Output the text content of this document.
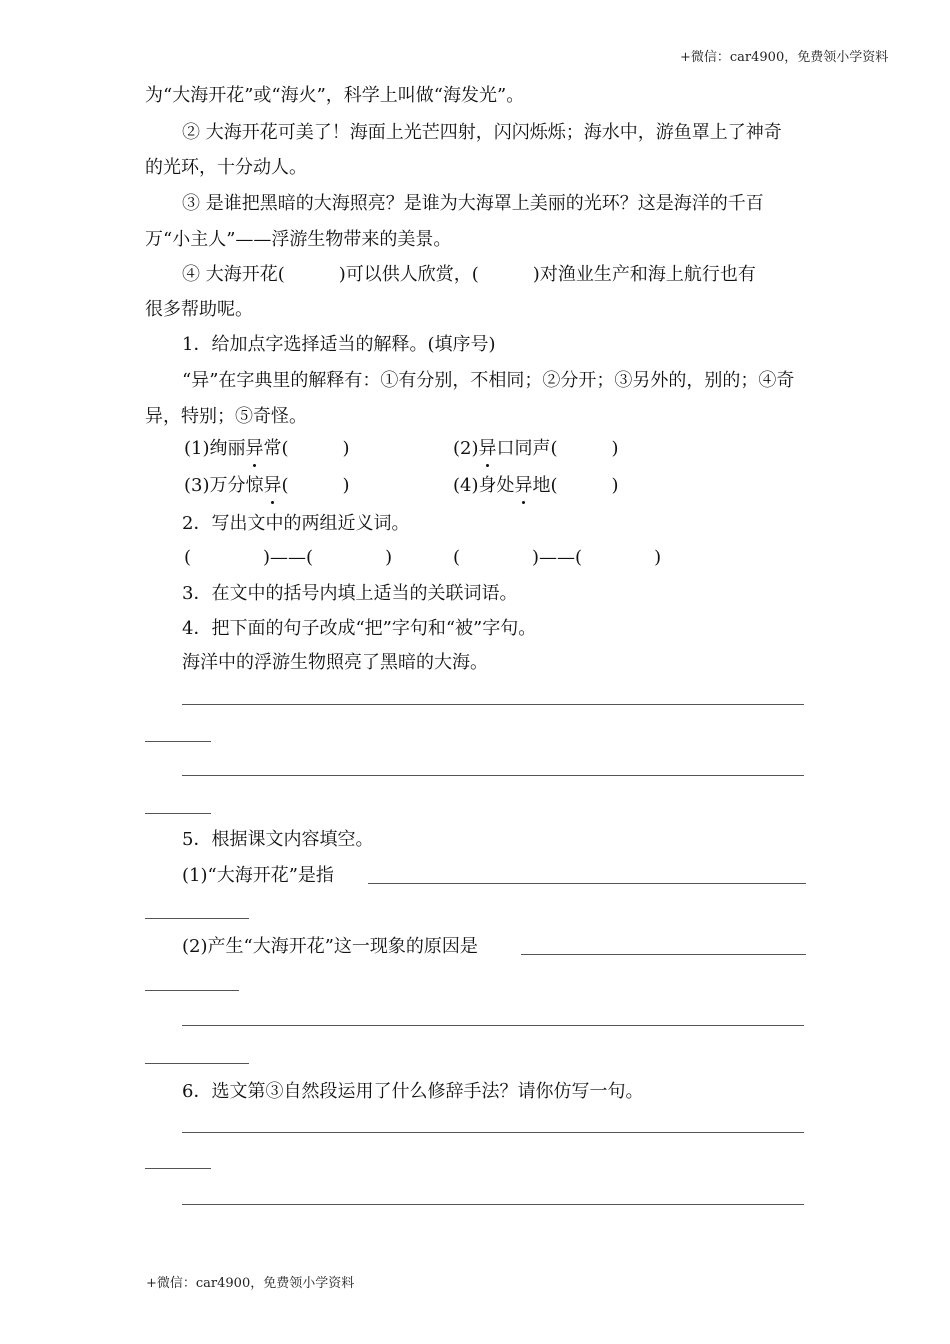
+微信：car4900，免费领小学资料
为“大海开花”或“海火”，科学上叫做“海发光”。
② 大海开花可美了！海面上光芒四射，闪闪烁烁；海水中，游鱼罩上了神奇
的光环，十分动人。
③ 是谁把黑暗的大海照亮？是谁为大海罩上美丽的光环？这是海洋的千百
万“小主人”——浮游生物带来的美景。
④ 大海开花(	)可以供人欣赏，(	)对渔业生产和海上航行也有
很多帮助呢。
1．给加点字选择适当的解释。(填序号)
“异”在字典里的解释有：①有分别，不相同；②分开；③另外的，别的；④奇
异，特别；⑤奇怪。
(1)绚丽异常(	)	(2)异口同声(	)
(3)万分惊异(	)	(4)身处异地(	)
2．写出文中的两组近义词。
(	)——(	)	(	)——(	)
3．在文中的括号内填上适当的关联词语。
4．把下面的句子改成“把”字句和“被”字句。
海洋中的浮游生物照亮了黑暗的大海。
5．根据课文内容填空。
(1)“大海开花”是指
(2)产生“大海开花”这一现象的原因是
6．选文第③自然段运用了什么修辞手法？请你仿写一句。
+微信：car4900，免费领小学资料
